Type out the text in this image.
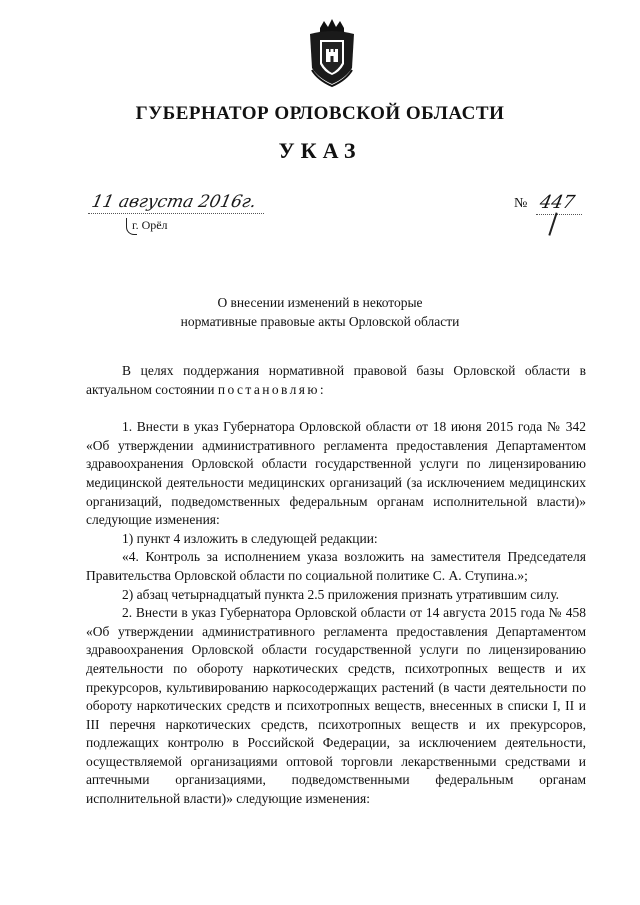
ГУБЕРНАТОР ОРЛОВСКОЙ ОБЛАСТИ
УКАЗ
11 августа 2016г.
г. Орёл
№ 447
О внесении изменений в некоторые
нормативные правовые акты Орловской области

В целях поддержания нормативной правовой базы Орловской области в актуальном состоянии постановляю:

1. Внести в указ Губернатора Орловской области от 18 июня 2015 года № 342 «Об утверждении административного регламента предоставления Департаментом здравоохранения Орловской области государственной услуги по лицензированию медицинской деятельности медицинских организаций (за исключением медицинских организаций, подведомственных федеральным органам исполнительной власти)» следующие изменения:

1) пункт 4 изложить в следующей редакции:

«4. Контроль за исполнением указа возложить на заместителя Председателя Правительства Орловской области по социальной политике С. А. Ступина.»;

2) абзац четырнадцатый пункта 2.5 приложения признать утратившим силу.

2. Внести в указ Губернатора Орловской области от 14 августа 2015 года № 458 «Об утверждении административного регламента предоставления Департаментом здравоохранения Орловской области государственной услуги по лицензированию деятельности по обороту наркотических средств, психотропных веществ и их прекурсоров, культивированию наркосодержащих растений (в части деятельности по обороту наркотических средств и психотропных веществ, внесенных в списки I, II и III перечня наркотических средств, психотропных веществ и их прекурсоров, подлежащих контролю в Российской Федерации, за исключением деятельности, осуществляемой организациями оптовой торговли лекарственными средствами и аптечными организациями, подведомственными федеральным органам исполнительной власти)» следующие изменения:
